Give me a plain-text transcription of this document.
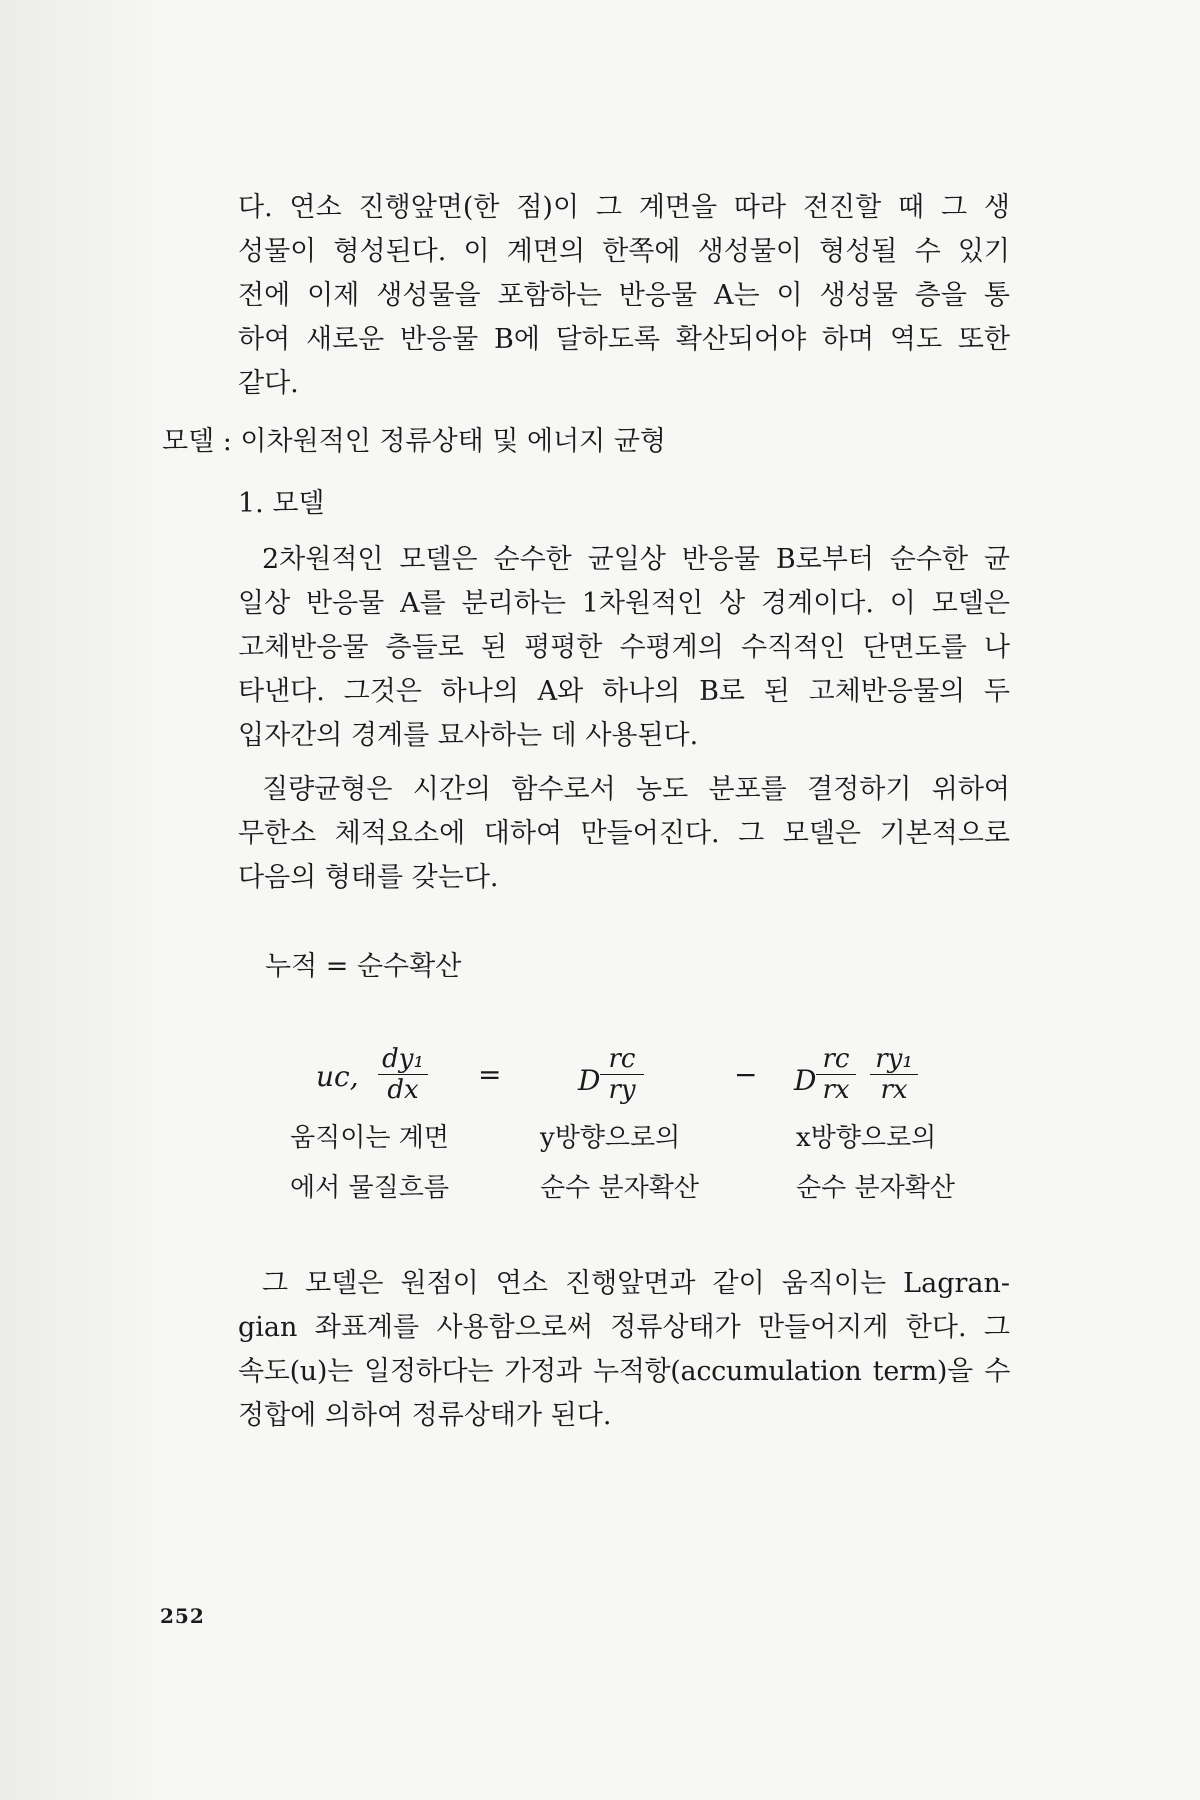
다. 연소 진행앞면(한 점)이 그 계면을 따라 전진할 때 그 생
성물이 형성된다. 이 계면의 한쪽에 생성물이 형성될 수 있기
전에 이제 생성물을 포함하는 반응물 A는 이 생성물 층을 통
하여 새로운 반응물 B에 달하도록 확산되어야 하며 역도 또한
같다.
모델 : 이차원적인 정류상태 및 에너지 균형
1. 모델
2차원적인 모델은 순수한 균일상 반응물 B로부터 순수한 균
일상 반응물 A를 분리하는 1차원적인 상 경계이다. 이 모델은
고체반응물 층들로 된 평평한 수평계의 수직적인 단면도를 나
타낸다. 그것은 하나의 A와 하나의 B로 된 고체반응물의 두
입자간의 경계를 묘사하는 데 사용된다.
질량균형은 시간의 함수로서 농도 분포를 결정하기 위하여
무한소 체적요소에 대하여 만들어진다. 그 모델은 기본적으로
다음의 형태를 갖는다.
누적 = 순수확산
uc, $\frac{\text{dy₁}}{dx}$ =	D $\frac{rc}{ry}$	− D $\frac{rc}{rx} \frac{\text{ry₁}}{rx}$
움직이는 계면
에서 물질흐름
y방향으로의
순수 분자확산
x방향으로의
순수 분자확산
그 모델은 원점이 연소 진행앞면과 같이 움직이는 Lagran-
gian 좌표계를 사용함으로써 정류상태가 만들어지게 한다. 그
속도(u)는 일정하다는 가정과 누적항(accumulation term)을 수
정합에 의하여 정류상태가 된다.
252
